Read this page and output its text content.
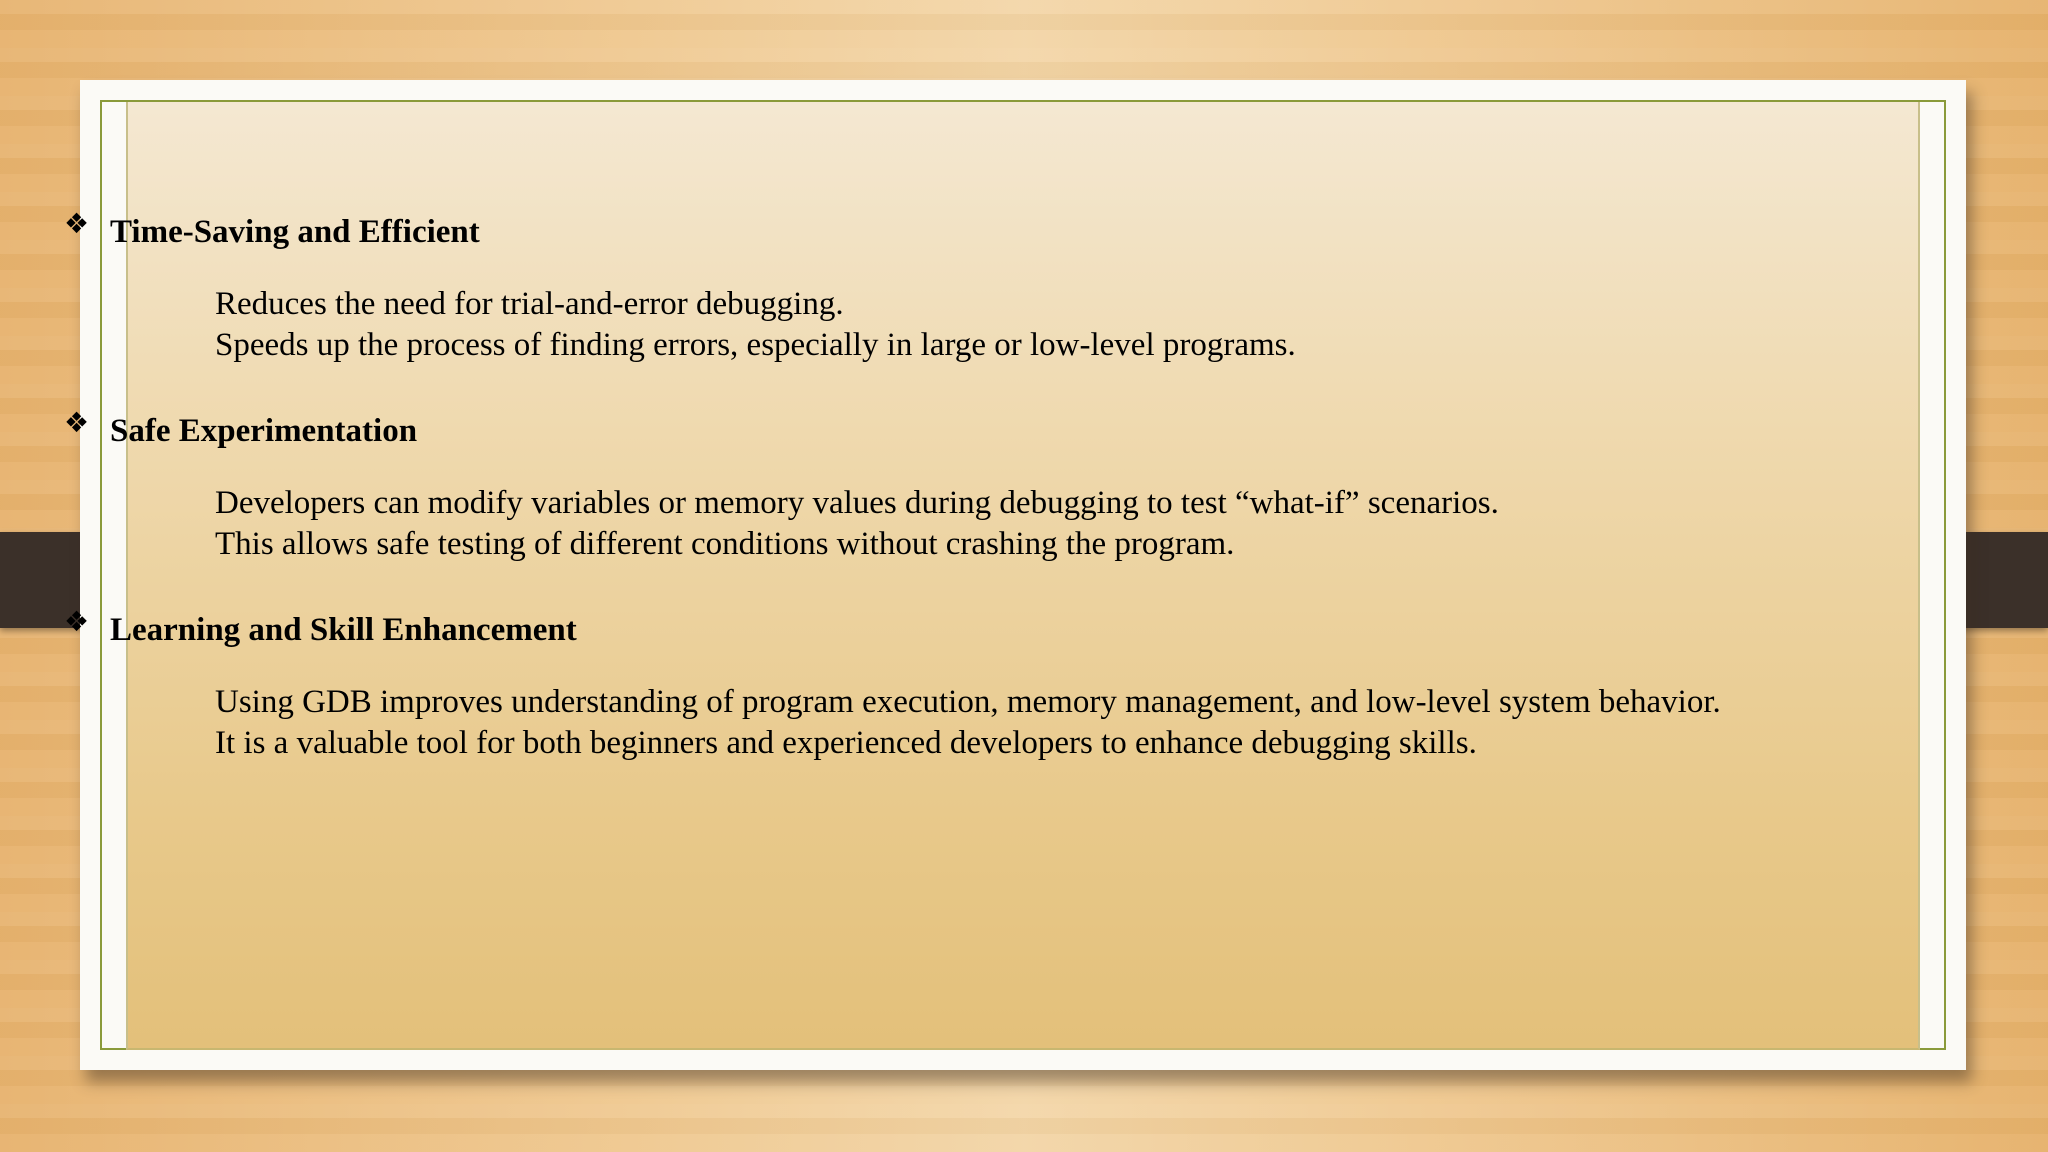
❖ Time-Saving and Efficient
Reduces the need for trial-and-error debugging.
Speeds up the process of finding errors, especially in large or low-level programs.
❖ Safe Experimentation
Developers can modify variables or memory values during debugging to test “what-if” scenarios.
This allows safe testing of different conditions without crashing the program.
❖ Learning and Skill Enhancement
Using GDB improves understanding of program execution, memory management, and low-level system behavior.
It is a valuable tool for both beginners and experienced developers to enhance debugging skills.
